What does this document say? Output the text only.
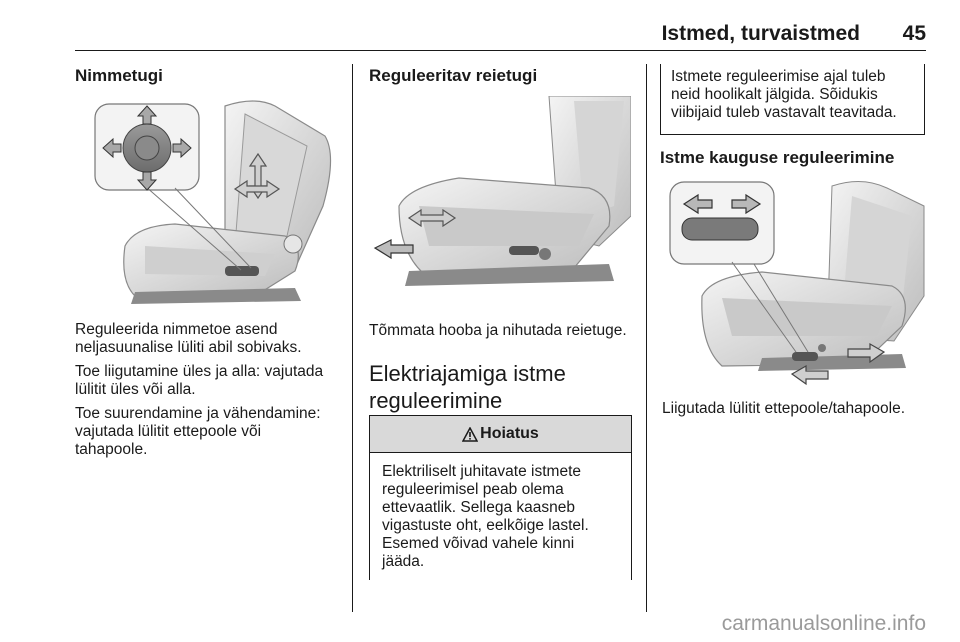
Istmed, turvaistmed	45
Nimmetugi
Reguleerida nimmetoe asend
neljasuunalise lüliti abil sobivaks.
Toe liigutamine üles ja alla: vajutada
lülitit üles või alla.
Toe suurendamine ja vähendamine:
vajutada lülitit ettepoole või
tahapoole.
Reguleeritav reietugi
Tõmmata hooba ja nihutada reietuge.
Elektriajamiga istme
reguleerimine
Hoiatus
Elektriliselt juhitavate istmete
reguleerimisel peab olema
ettevaatlik. Sellega kaasneb
vigastuste oht, eelkõige lastel.
Esemed võivad vahele kinni
jääda.
Istmete reguleerimise ajal tuleb
neid hoolikalt jälgida. Sõidukis
viibijaid tuleb vastavalt teavitada.
Istme kauguse reguleerimine
Liigutada lülitit ettepoole/tahapoole.
carmanualsonline.info
